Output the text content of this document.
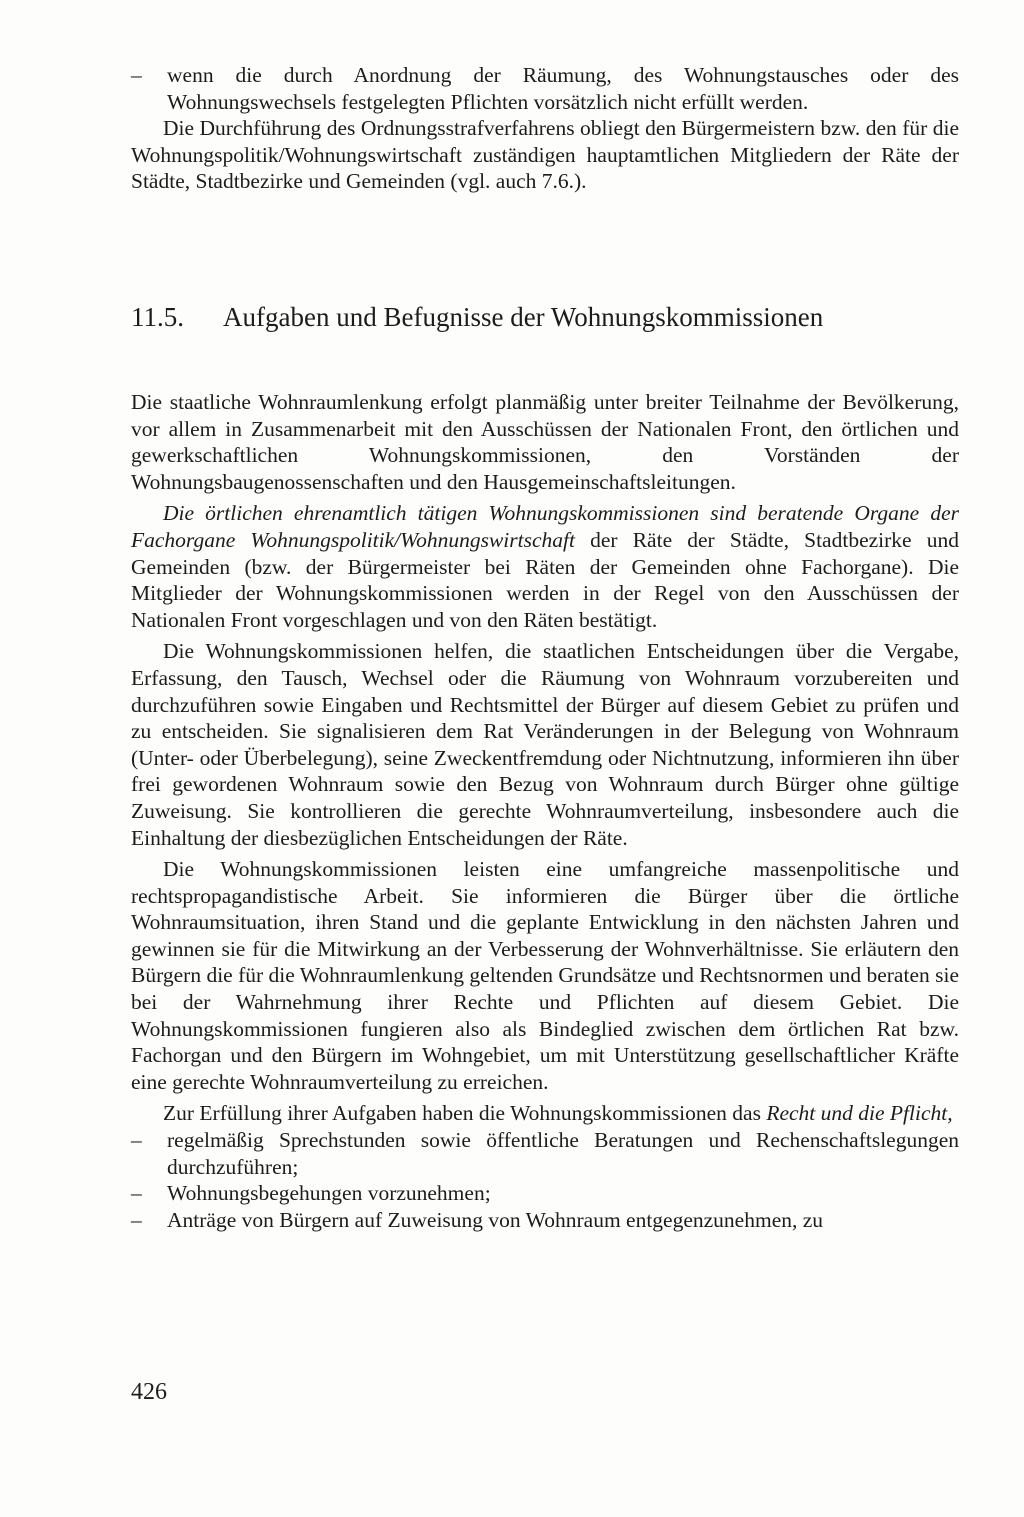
– wenn die durch Anordnung der Räumung, des Wohnungstausches oder des Wohnungswechsels festgelegten Pflichten vorsätzlich nicht erfüllt werden.

Die Durchführung des Ordnungsstrafverfahrens obliegt den Bürgermeistern bzw. den für die Wohnungspolitik/Wohnungswirtschaft zuständigen hauptamtlichen Mitgliedern der Räte der Städte, Stadtbezirke und Gemeinden (vgl. auch 7.6.).

11.5. Aufgaben und Befugnisse der Wohnungskommissionen

Die staatliche Wohnraumlenkung erfolgt planmäßig unter breiter Teilnahme der Bevölkerung, vor allem in Zusammenarbeit mit den Ausschüssen der Nationalen Front, den örtlichen und gewerkschaftlichen Wohnungskommissionen, den Vorständen der Wohnungsbaugenossenschaften und den Hausgemeinschaftsleitungen.

Die örtlichen ehrenamtlich tätigen Wohnungskommissionen sind beratende Organe der Fachorgane Wohnungspolitik/Wohnungswirtschaft der Räte der Städte, Stadtbezirke und Gemeinden (bzw. der Bürgermeister bei Räten der Gemeinden ohne Fachorgane). Die Mitglieder der Wohnungskommissionen werden in der Regel von den Ausschüssen der Nationalen Front vorgeschlagen und von den Räten bestätigt.

Die Wohnungskommissionen helfen, die staatlichen Entscheidungen über die Vergabe, Erfassung, den Tausch, Wechsel oder die Räumung von Wohnraum vorzubereiten und durchzuführen sowie Eingaben und Rechtsmittel der Bürger auf diesem Gebiet zu prüfen und zu entscheiden. Sie signalisieren dem Rat Veränderungen in der Belegung von Wohnraum (Unter- oder Überbelegung), seine Zweckentfremdung oder Nichtnutzung, informieren ihn über frei gewordenen Wohnraum sowie den Bezug von Wohnraum durch Bürger ohne gültige Zuweisung. Sie kontrollieren die gerechte Wohnraumverteilung, insbesondere auch die Einhaltung der diesbezüglichen Entscheidungen der Räte.

Die Wohnungskommissionen leisten eine umfangreiche massenpolitische und rechtspropagandistische Arbeit. Sie informieren die Bürger über die örtliche Wohnraumsituation, ihren Stand und die geplante Entwicklung in den nächsten Jahren und gewinnen sie für die Mitwirkung an der Verbesserung der Wohnverhältnisse. Sie erläutern den Bürgern die für die Wohnraumlenkung geltenden Grundsätze und Rechtsnormen und beraten sie bei der Wahrnehmung ihrer Rechte und Pflichten auf diesem Gebiet. Die Wohnungskommissionen fungieren also als Bindeglied zwischen dem örtlichen Rat bzw. Fachorgan und den Bürgern im Wohngebiet, um mit Unterstützung gesellschaftlicher Kräfte eine gerechte Wohnraumverteilung zu erreichen.

Zur Erfüllung ihrer Aufgaben haben die Wohnungskommissionen das Recht und die Pflicht,

– regelmäßig Sprechstunden sowie öffentliche Beratungen und Rechenschaftslegungen durchzuführen;
– Wohnungsbegehungen vorzunehmen;
– Anträge von Bürgern auf Zuweisung von Wohnraum entgegenzunehmen, zu
426
